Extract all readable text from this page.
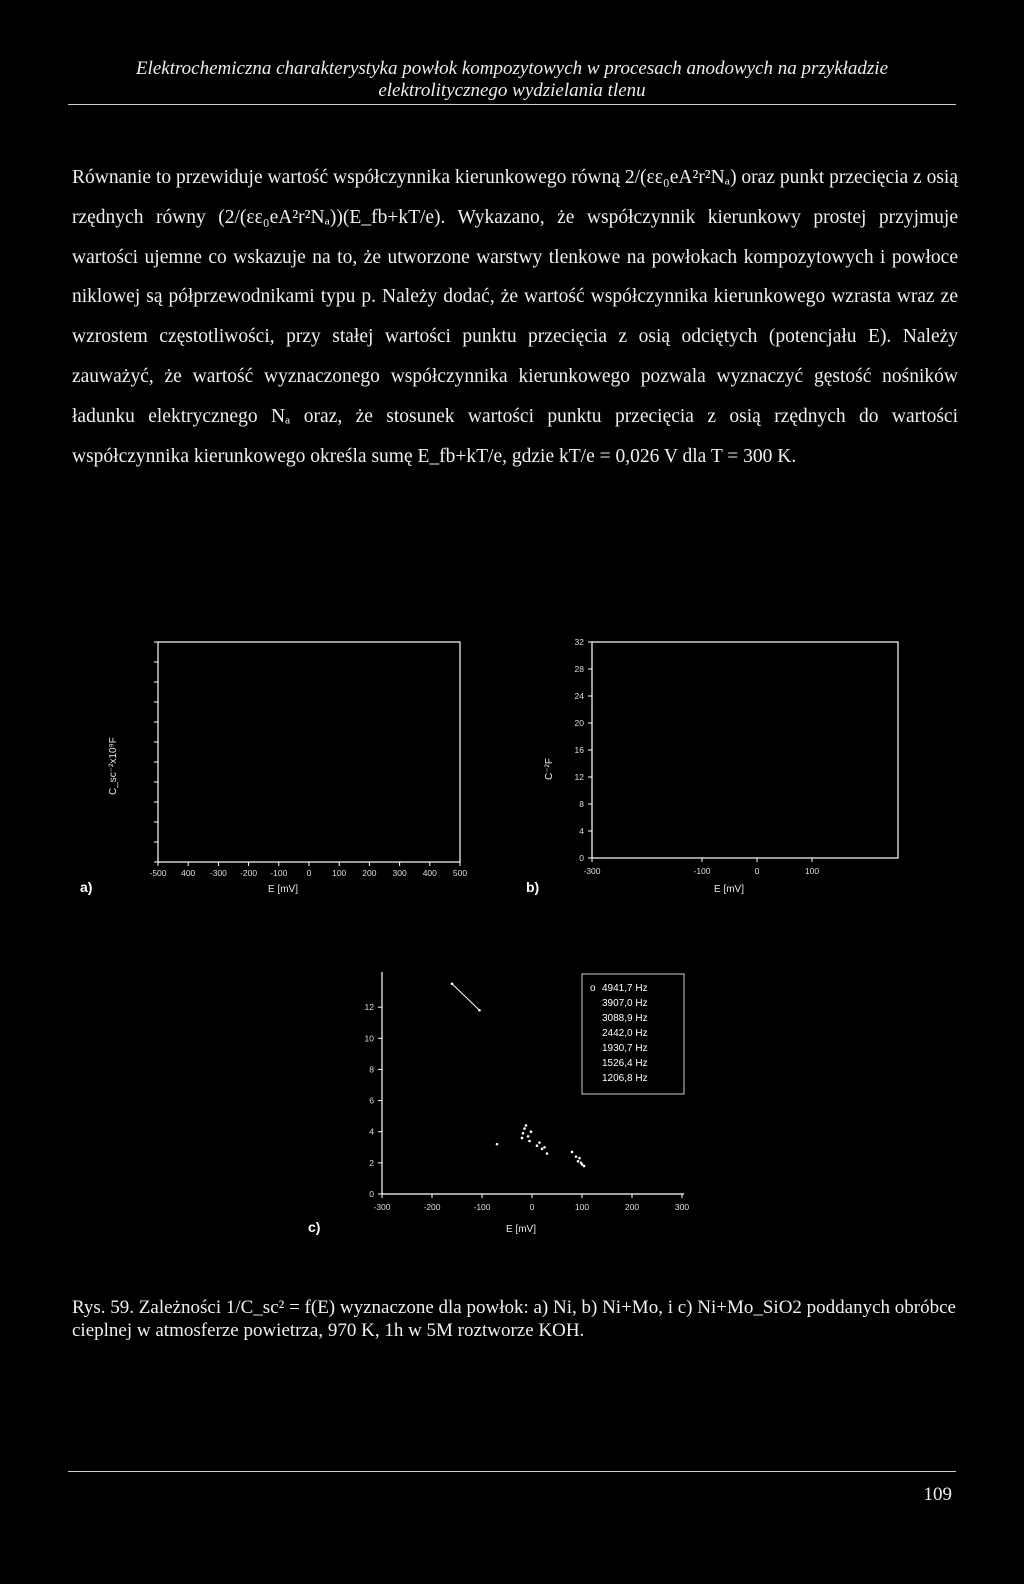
Elektrochemiczna charakterystyka powłok kompozytowych w procesach anodowych na przykładzie
elektrolitycznego wydzielania tlenu

Równanie to przewiduje wartość współczynnika kierunkowego równą 2/(εε₀eA²r²Nₐ) oraz punkt przecięcia z osią rzędnych równy (2/(εε₀eA²r²Nₐ))(E_fb+kT/e). Wykazano, że współczynnik kierunkowy prostej przyjmuje wartości ujemne co wskazuje na to, że utworzone warstwy tlenkowe na powłokach kompozytowych i powłoce niklowej są półprzewodnikami typu p. Należy dodać, że wartość współczynnika kierunkowego wzrasta wraz ze wzrostem częstotliwości, przy stałej wartości punktu przecięcia z osią odciętych (potencjału E). Należy zauważyć, że wartość wyznaczonego współczynnika kierunkowego pozwala wyznaczyć gęstość nośników ładunku elektrycznego Nₐ oraz, że stosunek wartości punktu przecięcia z osią rzędnych do wartości współczynnika kierunkowego określa sumę E_fb+kT/e, gdzie kT/e = 0,026 V dla T = 300 K.

a)
C_sc⁻²x10⁹F
-500 400 -300 -200 -100 0 100 200 300 400 500
E [mV]	b)
C⁻²F
32
28
24
20
16
12
8
4
0
-300	-100	0	100
E [mV]
c)
12
10
8
6
4
2
0
-300	-200	-100	0	100	200	300
o 4941,7 Hz
3907,0 Hz
3088,9 Hz
2442,0 Hz
1930,7 Hz
1526,4 Hz
1206,8 Hz
E [mV]

Rys. 59. Zależności 1/C_sc² = f(E) wyznaczone dla powłok: a) Ni, b) Ni+Mo, i c) Ni+Mo_SiO2 poddanych obróbce cieplnej w atmosferze powietrza, 970 K, 1h w 5M roztworze KOH.

109
